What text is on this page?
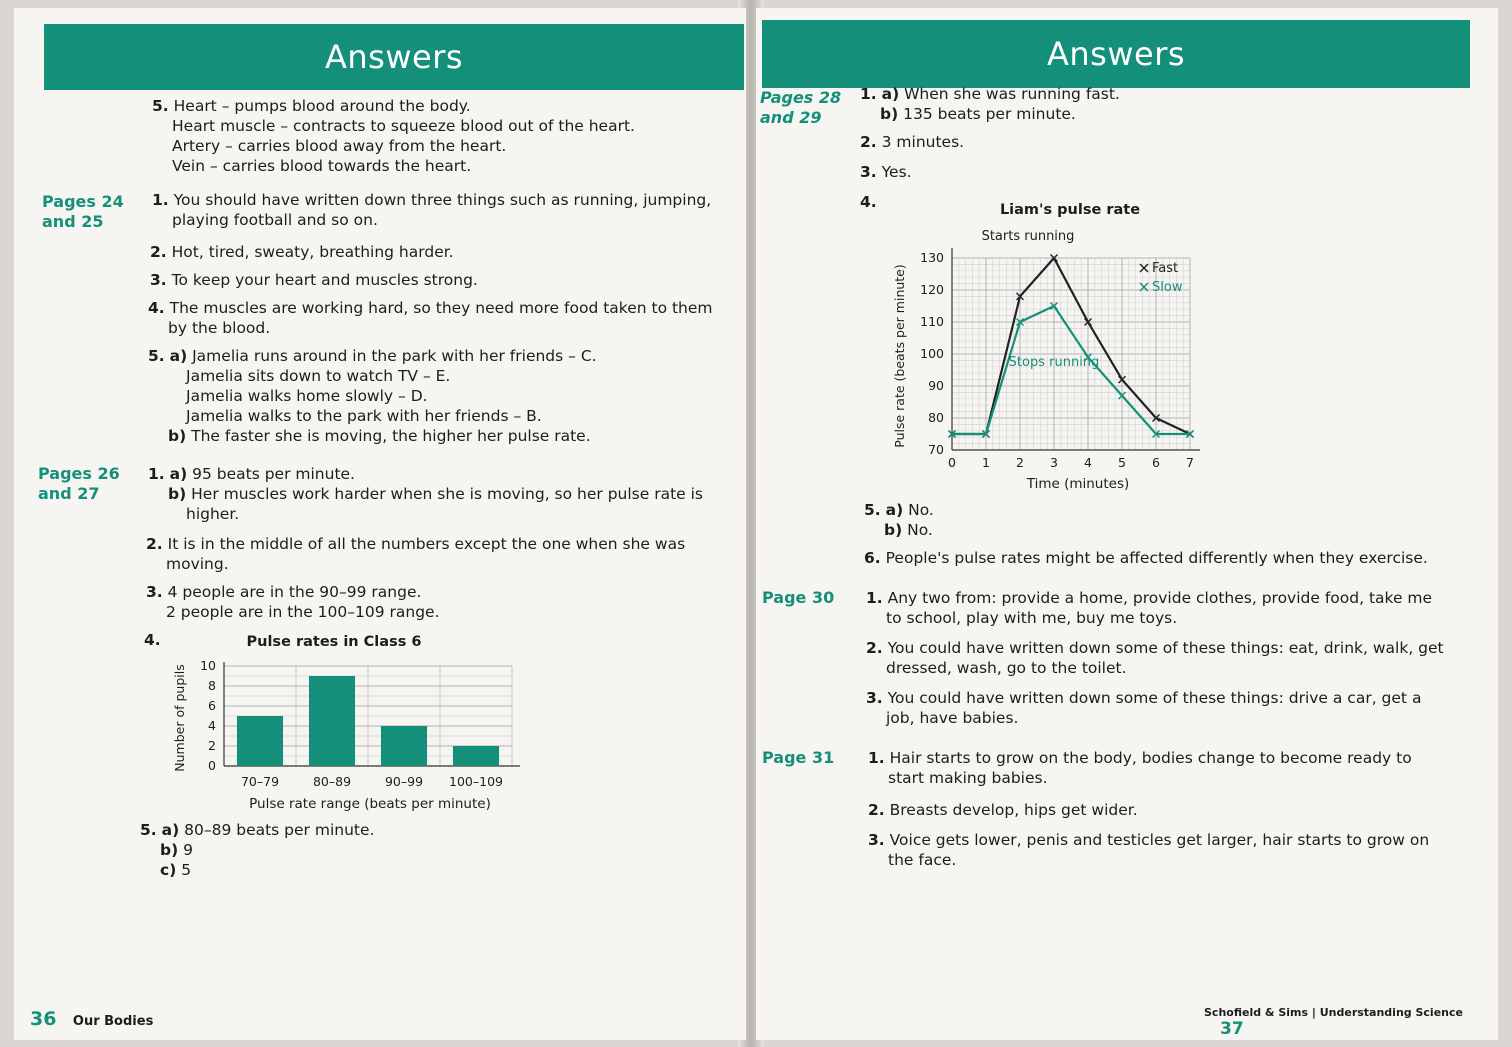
Answers
5. Heart – pumps blood around the body.
Heart muscle – contracts to squeeze blood out of the heart.
Artery – carries blood away from the heart.
Vein – carries blood towards the heart.
Pages 24
and 25
1. You should have written down three things such as running, jumping,
playing football and so on.
2. Hot, tired, sweaty, breathing harder.
3. To keep your heart and muscles strong.
4. The muscles are working hard, so they need more food taken to them
by the blood.
5. a) Jamelia runs around in the park with her friends – C.
Jamelia sits down to watch TV – E.
Jamelia walks home slowly – D.
Jamelia walks to the park with her friends – B.
b) The faster she is moving, the higher her pulse rate.
Pages 26
and 27
1. a) 95 beats per minute.
b) Her muscles work harder when she is moving, so her pulse rate is
higher.
2. It is in the middle of all the numbers except the one when she was
moving.
3. 4 people are in the 90–99 range.
2 people are in the 100–109 range.
4.	Pulse rates in Class 6
0
2
4
6
8
10
70–79	80–89	90–99 100–109
Number of pupils
Pulse rate range (beats per minute)
5. a) 80–89 beats per minute.
b) 9
c) 5
36 Our Bodies
Answers
Pages 28
and 29
1. a) When she was running fast.
b) 135 beats per minute.
2. 3 minutes.
3. Yes.
4.	Liam's pulse rate
Starts running
70
80
90
100
110
120
130
0 1 2 3 4 5 6 7
Stops running
Fast
Slow
Pulse rate (beats per minute)
Time (minutes)
5. a) No.
b) No.
6. People's pulse rates might be affected differently when they exercise.
Page 30 1. Any two from: provide a home, provide clothes, provide food, take me
to school, play with me, buy me toys.
2. You could have written down some of these things: eat, drink, walk, get
dressed, wash, go to the toilet.
3. You could have written down some of these things: drive a car, get a
job, have babies.
Page 31 1. Hair starts to grow on the body, bodies change to become ready to
start making babies.
2. Breasts develop, hips get wider.
3. Voice gets lower, penis and testicles get larger, hair starts to grow on
the face.
Schofield & Sims | Understanding Science 37
